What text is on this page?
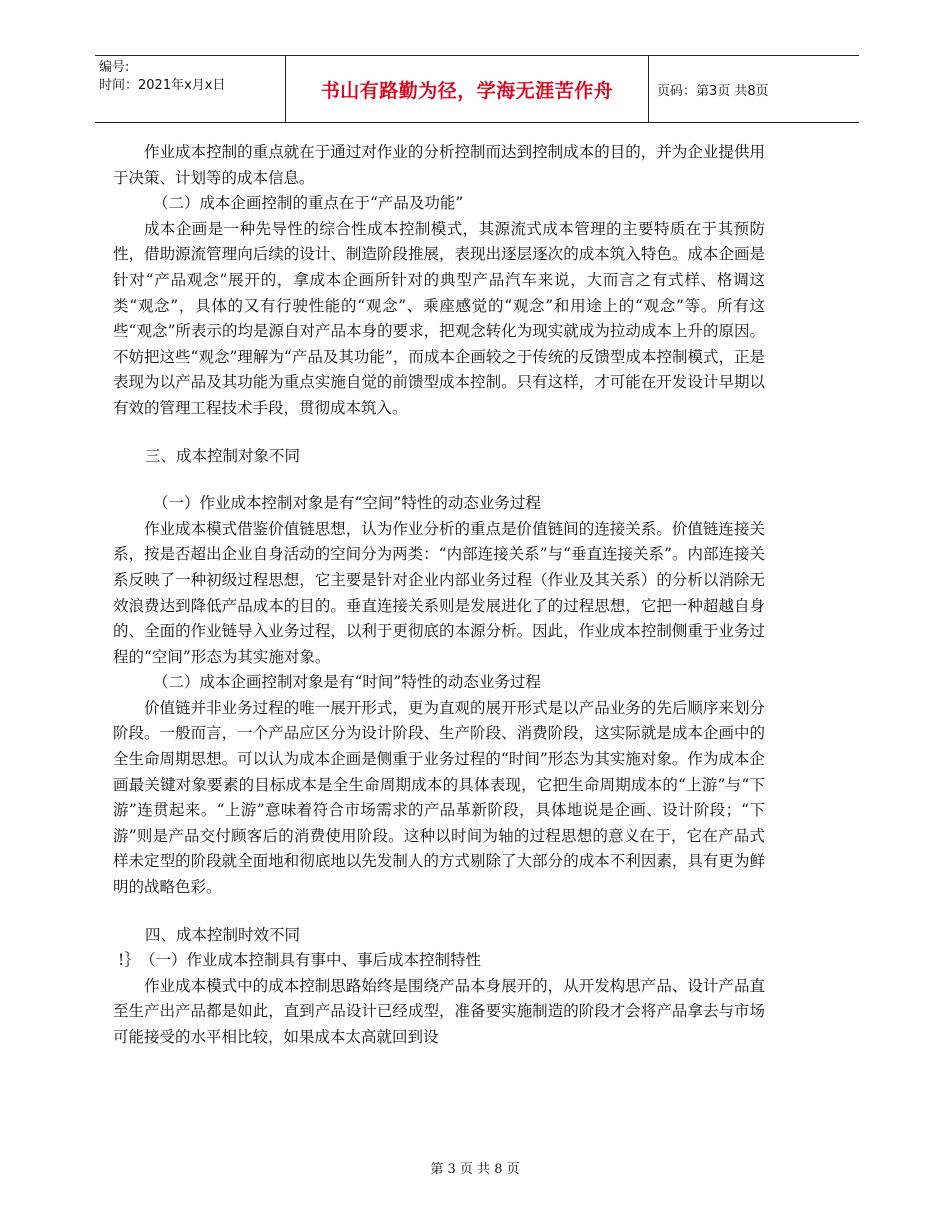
编号:
时间：2021年x月x日	书山有路勤为径，学海无涯苦作舟	页码：第3页 共8页

作业成本控制的重点就在于通过对作业的分析控制而达到控制成本的目的，并为企业提供用于决策、计划等的成本信息。

（二）成本企画控制的重点在于“产品及功能”

成本企画是一种先导性的综合性成本控制模式，其源流式成本管理的主要特质在于其预防性，借助源流管理向后续的设计、制造阶段推展，表现出逐层逐次的成本筑入特色。成本企画是针对“产品观念”展开的，拿成本企画所针对的典型产品汽车来说，大而言之有式样、格调这类“观念”，具体的又有行驶性能的“观念”、乘座感觉的“观念”和用途上的“观念”等。所有这些“观念”所表示的均是源自对产品本身的要求，把观念转化为现实就成为拉动成本上升的原因。不妨把这些“观念”理解为“产品及其功能”，而成本企画较之于传统的反馈型成本控制模式，正是表现为以产品及其功能为重点实施自觉的前馈型成本控制。只有这样，才可能在开发设计早期以有效的管理工程技术手段，贯彻成本筑入。

三、成本控制对象不同

（一）作业成本控制对象是有“空间”特性的动态业务过程

作业成本模式借鉴价值链思想，认为作业分析的重点是价值链间的连接关系。价值链连接关系，按是否超出企业自身活动的空间分为两类：“内部连接关系”与“垂直连接关系”。内部连接关系反映了一种初级过程思想，它主要是针对企业内部业务过程（作业及其关系）的分析以消除无效浪费达到降低产品成本的目的。垂直连接关系则是发展进化了的过程思想，它把一种超越自身的、全面的作业链导入业务过程，以利于更彻底的本源分析。因此，作业成本控制侧重于业务过程的“空间”形态为其实施对象。

（二）成本企画控制对象是有“时间”特性的动态业务过程

价值链并非业务过程的唯一展开形式，更为直观的展开形式是以产品业务的先后顺序来划分阶段。一般而言，一个产品应区分为设计阶段、生产阶段、消费阶段，这实际就是成本企画中的全生命周期思想。可以认为成本企画是侧重于业务过程的“时间”形态为其实施对象。作为成本企画最关键对象要素的目标成本是全生命周期成本的具体表现，它把生命周期成本的“上游”与“下游”连贯起来。“上游”意味着符合市场需求的产品革新阶段，具体地说是企画、设计阶段；“下游”则是产品交付顾客后的消费使用阶段。这种以时间为轴的过程思想的意义在于，它在产品式样未定型的阶段就全面地和彻底地以先发制人的方式剔除了大部分的成本不利因素，具有更为鲜明的战略色彩。

四、成本控制时效不同

!｝ （一）作业成本控制具有事中、事后成本控制特性

作业成本模式中的成本控制思路始终是围绕产品本身展开的，从开发构思产品、设计产品直至生产出产品都是如此，直到产品设计已经成型，准备要实施制造的阶段才会将产品拿去与市场可能接受的水平相比较，如果成本太高就回到设

第 3 页 共 8 页
